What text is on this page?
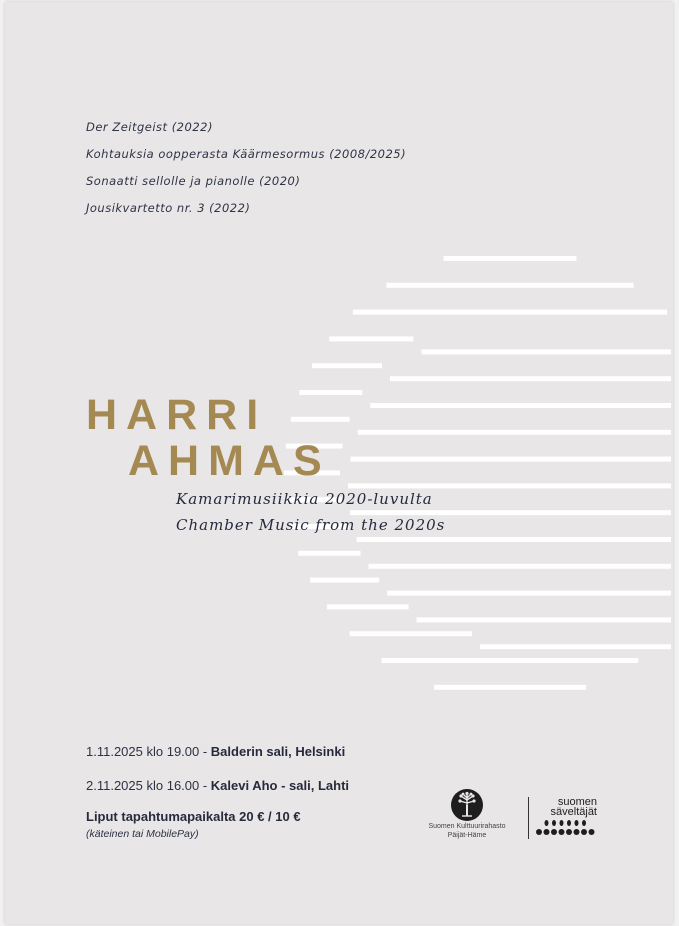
Der Zeitgeist (2022)
Kohtauksia oopperasta Käärmesormus (2008/2025)
Sonaatti sellolle ja pianolle (2020)
Jousikvartetto nr. 3 (2022)
HARRI
AHMAS
Kamarimusiikkia 2020-luvulta
Chamber Music from the 2020s
1.11.2025 klo 19.00 - Balderin sali, Helsinki
2.11.2025 klo 16.00 - Kalevi Aho - sali, Lahti
Liput tapahtumapaikalta 20 € / 10 €
(käteinen tai MobilePay)
Suomen Kulttuurirahasto
Päijät-Häme
suomen
säveltäjät
